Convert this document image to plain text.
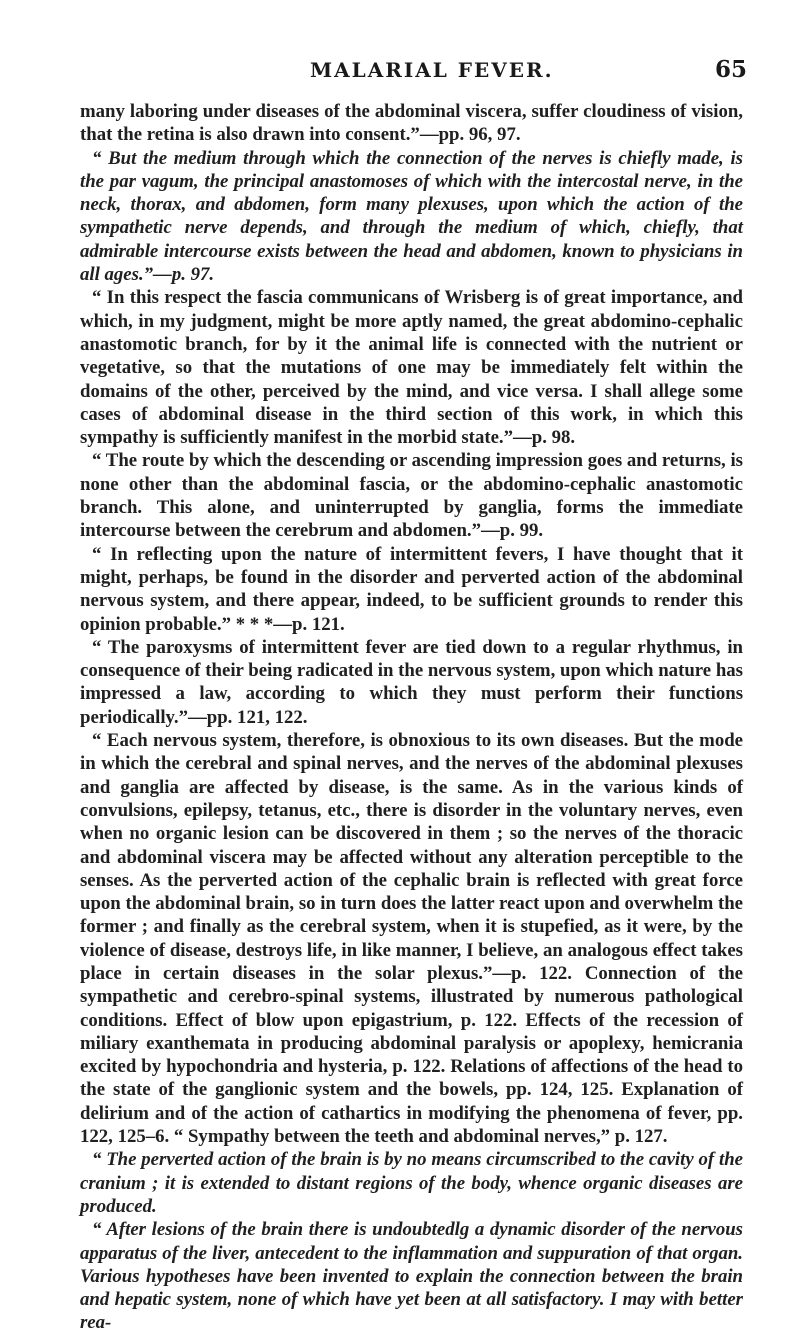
MALARIAL FEVER.	65

many laboring under diseases of the abdominal viscera, suffer cloudiness of vision, that the retina is also drawn into consent.”—pp. 96, 97.

“ But the medium through which the connection of the nerves is chiefly made, is the par vagum, the principal anastomoses of which with the intercostal nerve, in the neck, thorax, and abdomen, form many plexuses, upon which the action of the sympathetic nerve depends, and through the medium of which, chiefly, that admirable intercourse exists between the head and abdomen, known to physicians in all ages.”—p. 97.

“ In this respect the fascia communicans of Wrisberg is of great importance, and which, in my judgment, might be more aptly named, the great abdomino-cephalic anastomotic branch, for by it the animal life is connected with the nutrient or vegetative, so that the mutations of one may be immediately felt within the domains of the other, perceived by the mind, and vice versa. I shall allege some cases of abdominal disease in the third section of this work, in which this sympathy is sufficiently manifest in the morbid state.”—p. 98.

“ The route by which the descending or ascending impression goes and returns, is none other than the abdominal fascia, or the abdomino-cephalic anastomotic branch. This alone, and uninterrupted by ganglia, forms the immediate intercourse between the cerebrum and abdomen.”—p. 99.

“ In reflecting upon the nature of intermittent fevers, I have thought that it might, perhaps, be found in the disorder and perverted action of the abdominal nervous system, and there appear, indeed, to be sufficient grounds to render this opinion probable.” * * *—p. 121.

“ The paroxysms of intermittent fever are tied down to a regular rhythmus, in consequence of their being radicated in the nervous system, upon which nature has impressed a law, according to which they must perform their functions periodically.”—pp. 121, 122.

“ Each nervous system, therefore, is obnoxious to its own diseases. But the mode in which the cerebral and spinal nerves, and the nerves of the abdominal plexuses and ganglia are affected by disease, is the same. As in the various kinds of convulsions, epilepsy, tetanus, etc., there is disorder in the voluntary nerves, even when no organic lesion can be discovered in them ; so the nerves of the thoracic and abdominal viscera may be affected without any alteration perceptible to the senses. As the perverted action of the cephalic brain is reflected with great force upon the abdominal brain, so in turn does the latter react upon and overwhelm the former ; and finally as the cerebral system, when it is stupefied, as it were, by the violence of disease, destroys life, in like manner, I believe, an analogous effect takes place in certain diseases in the solar plexus.”—p. 122. Connection of the sympathetic and cerebro-spinal systems, illustrated by numerous pathological conditions. Effect of blow upon epigastrium, p. 122. Effects of the recession of miliary exanthemata in producing abdominal paralysis or apoplexy, hemicrania excited by hypochondria and hysteria, p. 122. Relations of affections of the head to the state of the ganglionic system and the bowels, pp. 124, 125. Explanation of delirium and of the action of cathartics in modifying the phenomena of fever, pp. 122, 125–6. “ Sympathy between the teeth and abdominal nerves,” p. 127.

“ The perverted action of the brain is by no means circumscribed to the cavity of the cranium ; it is extended to distant regions of the body, whence organic diseases are produced.

“ After lesions of the brain there is undoubtedlg a dynamic disorder of the nervous apparatus of the liver, antecedent to the inflammation and suppuration of that organ. Various hypotheses have been invented to explain the connection between the brain and hepatic system, none of which have yet been at all satisfactory. I may with better rea-
